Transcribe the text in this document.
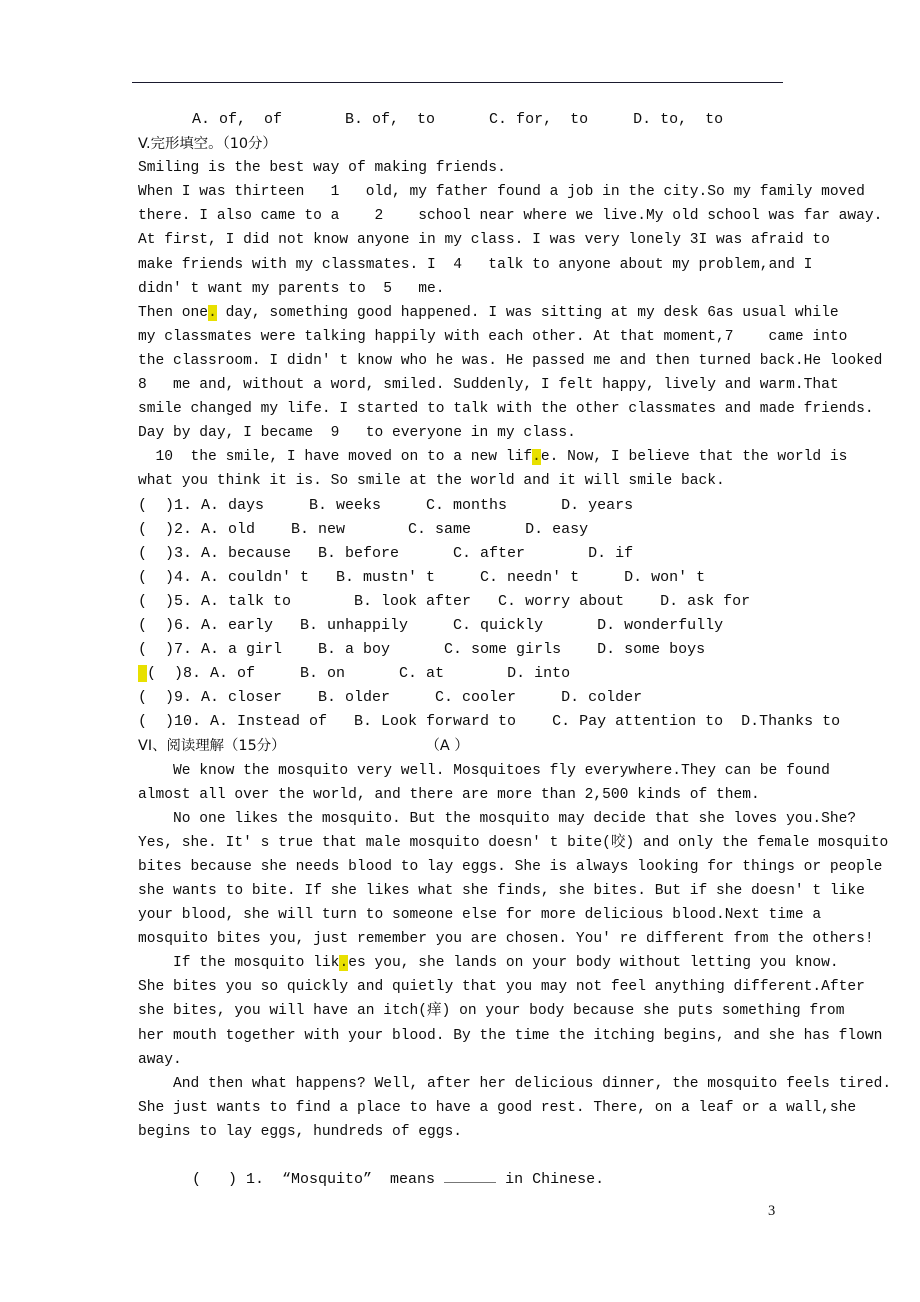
A. of,  of       B. of,  to      C. for,  to     D. to,  to
V.完形填空。（10分）
Smiling is the best way of making friends.
When I was thirteen   1   old, my father found a job in the city. So my family moved
there. I also came to a    2    school near where we live. My old school was far away.
At first, I did not know anyone in my class. I was very lonely 3 I was afraid to
make friends with my classmates. I  4   talk to anyone about my problem, and I
didn' t want my parents to  5   me.
Then one. day, something good happened. I was sitting at my desk 6 as usual while
my classmates were talking happily with each other. At that moment, 7    came into
the classroom. I didn' t know who he was. He passed me and then turned back. He looked
8   me and, without a word, smiled. Suddenly, I felt happy, lively and warm. That
smile changed my life. I started to talk with the other classmates and made friends.
Day by day, I became  9   to everyone in my class.
10  the smile, I have moved on to a new lif.e. Now, I believe that the world is
what you think it is. So smile at the world and it will smile back.
(  )1. A. days     B. weeks     C. months      D. years
(  )2. A. old    B. new       C. same      D. easy
(  )3. A. because   B. before      C. after       D. if
(  )4. A. couldn' t   B. mustn' t     C. needn' t     D. won' t
(  )5. A. talk to       B. look after   C. worry about    D. ask for
(  )6. A. early   B. unhappily     C. quickly      D. wonderfully
(  )7. A. a girl    B. a boy      C. some girls    D. some boys
(  )8. A. of     B. on      C. at       D. into
(  )9. A. closer    B. older     C. cooler     D. colder
(  )10. A. Instead of   B. Look forward to    C. Pay attention to  D.Thanks to
VI、阅读理解（15分）	（A ）
We know the mosquito very well. Mosquitoes fly everywhere. They can be found
almost all over the world, and there are more than 2,500 kinds of them.
No one likes the mosquito. But the mosquito may decide that she loves you. She?
Yes, she. It' s true that male mosquito doesn' t bite(咬) and only the female mosquito
bites because she needs blood to lay eggs. She is always looking for things or people
she wants to bite. If she likes what she finds, she bites. But if she doesn' t like
your blood, she will turn to someone else for more delicious blood. Next time a
mosquito bites you, just remember you are chosen. You' re different from the others!
If the mosquito lik.es you, she lands on your body without letting you know.
She bites you so quickly and quietly that you may not feel anything different. After
she bites, you will have an itch(痒) on your body because she puts something from
her mouth together with your blood. By the time the itching begins, and she has flown
away.
And then what happens? Well, after her delicious dinner, the mosquito feels tired.
She just wants to find a place to have a good rest. There, on a leaf or a wall, she
begins to lay eggs, hundreds of eggs.

(   ) 1.  “Mosquito”  means	in Chinese.

3
